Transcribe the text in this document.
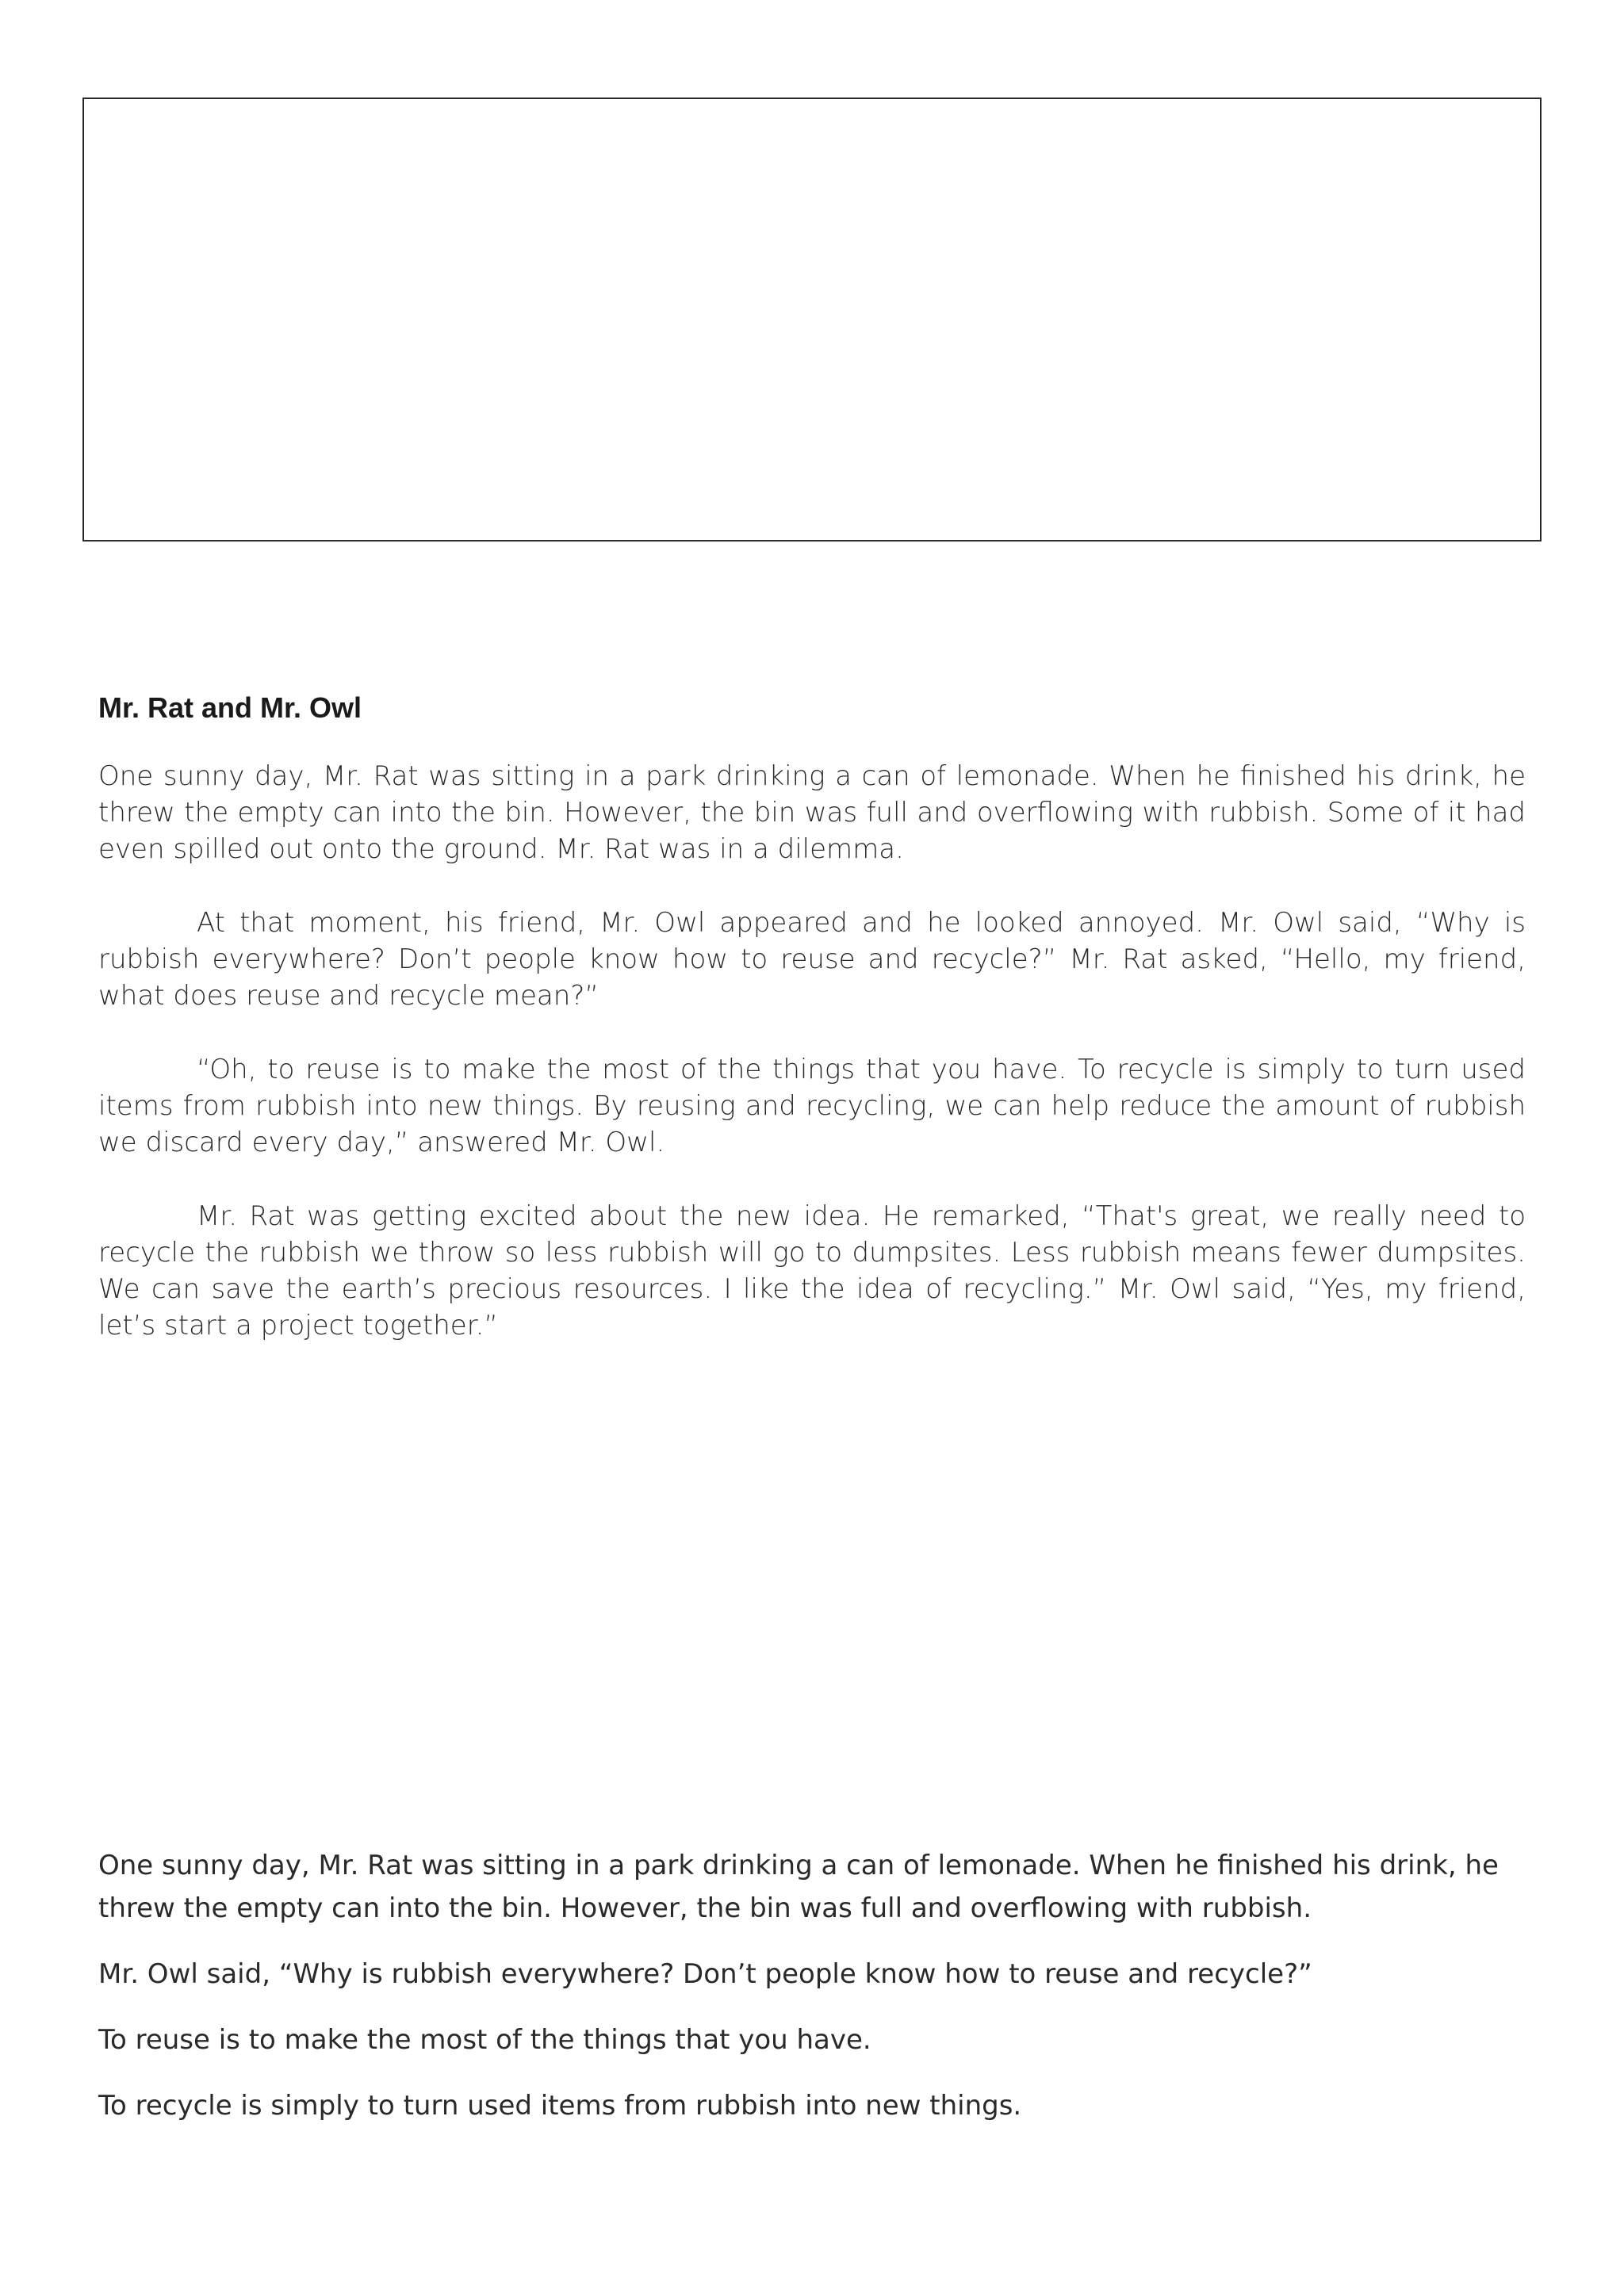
Mr. Rat and Mr. Owl

One sunny day, Mr. Rat was sitting in a park drinking a can of lemonade. When he finished his drink, he threw the empty can into the bin. However, the bin was full and overflowing with rubbish. Some of it had even spilled out onto the ground. Mr. Rat was in a dilemma.

At that moment, his friend, Mr. Owl appeared and he looked annoyed. Mr. Owl said, “Why is rubbish everywhere? Don’t people know how to reuse and recycle?” Mr. Rat asked, “Hello, my friend, what does reuse and recycle mean?”

“Oh, to reuse is to make the most of the things that you have. To recycle is simply to turn used items from rubbish into new things. By reusing and recycling, we can help reduce the amount of rubbish we discard every day,” answered Mr. Owl.

Mr. Rat was getting excited about the new idea. He remarked, “That's great, we really need to recycle the rubbish we throw so less rubbish will go to dumpsites. Less rubbish means fewer dumpsites. We can save the earth’s precious resources. I like the idea of recycling.” Mr. Owl said, “Yes, my friend, let’s start a project together.”

One sunny day, Mr. Rat was sitting in a park drinking a can of lemonade. When he finished his drink, he threw the empty can into the bin. However, the bin was full and overflowing with rubbish.

Mr. Owl said, “Why is rubbish everywhere? Don’t people know how to reuse and recycle?”

To reuse is to make the most of the things that you have.

To recycle is simply to turn used items from rubbish into new things.
